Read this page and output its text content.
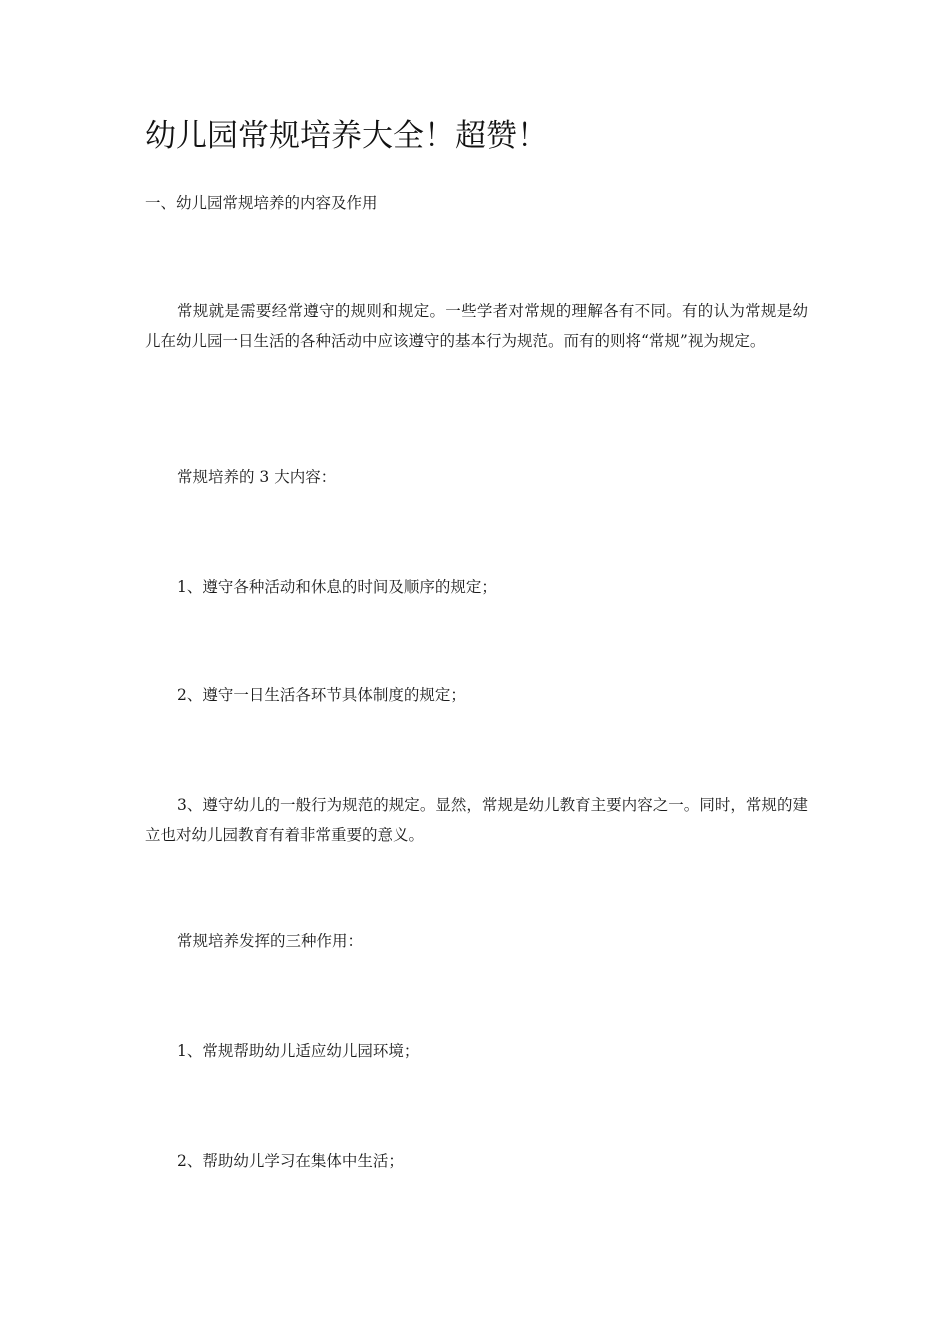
幼儿园常规培养大全！超赞！

一、幼儿园常规培养的内容及作用

常规就是需要经常遵守的规则和规定。一些学者对常规的理解各有不同。有的认为常规是幼儿在幼儿园一日生活的各种活动中应该遵守的基本行为规范。而有的则将“常规”视为规定。

常规培养的 3 大内容：

1、遵守各种活动和休息的时间及顺序的规定；

2、遵守一日生活各环节具体制度的规定；

3、遵守幼儿的一般行为规范的规定。显然，常规是幼儿教育主要内容之一。同时，常规的建立也对幼儿园教育有着非常重要的意义。

常规培养发挥的三种作用：

1、常规帮助幼儿适应幼儿园环境；

2、帮助幼儿学习在集体中生活；
